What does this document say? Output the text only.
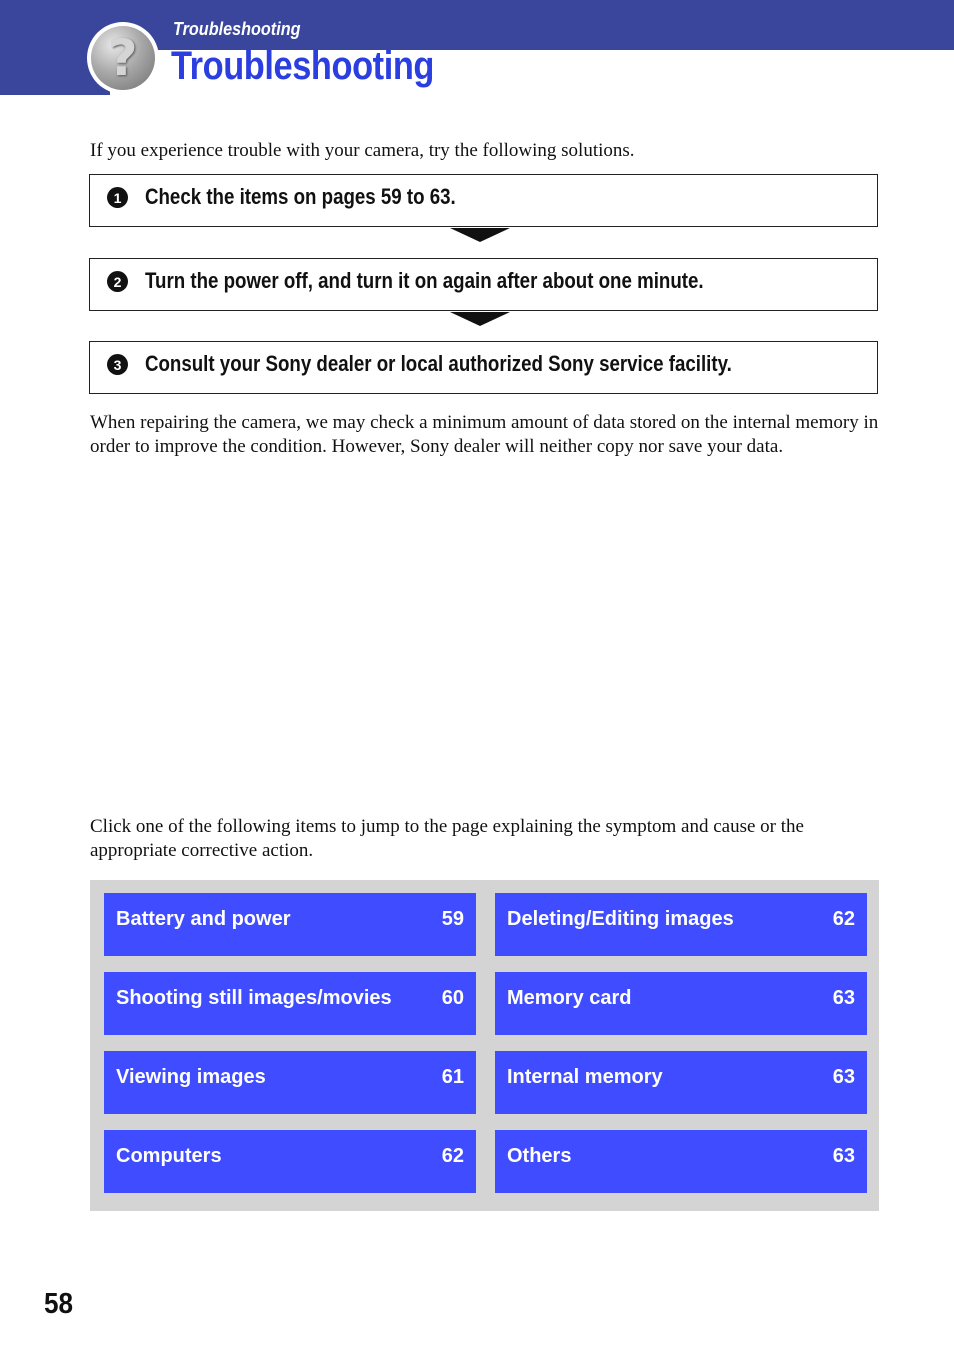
? Troubleshooting
Troubleshooting

If you experience trouble with your camera, try the following solutions.

1	Check the items on pages 59 to 63.
2	Turn the power off, and turn it on again after about one minute.
3	Consult your Sony dealer or local authorized Sony service facility.

When repairing the camera, we may check a minimum amount of data stored on the internal memory in order to improve the condition. However, Sony dealer will neither copy nor save your data.

Click one of the following items to jump to the page explaining the symptom and cause or the appropriate corrective action.

Battery and power	59 Deleting/Editing images	62
Shooting still images/movies	60 Memory card	63
Viewing images	61 Internal memory	63
Computers	62 Others	63
58
